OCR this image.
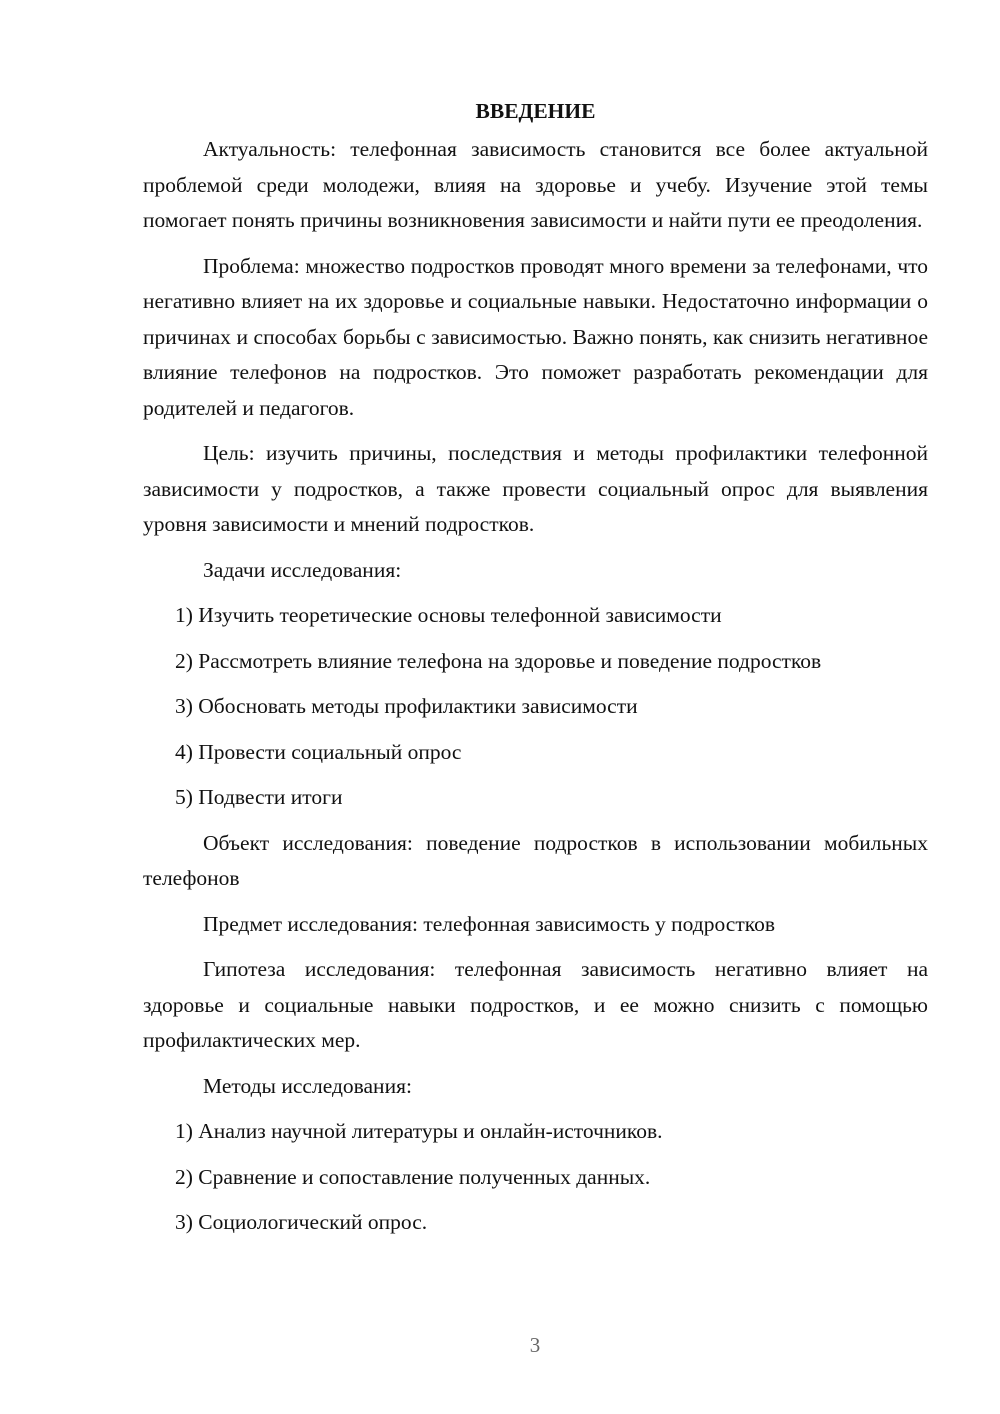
ВВЕДЕНИЕ

Актуальность: телефонная зависимость становится все более актуальной проблемой среди молодежи, влияя на здоровье и учебу. Изучение этой темы помогает понять причины возникновения зависимости и найти пути ее преодоления.

Проблема: множество подростков проводят много времени за телефонами, что негативно влияет на их здоровье и социальные навыки. Недостаточно информации о причинах и способах борьбы с зависимостью. Важно понять, как снизить негативное влияние телефонов на подростков. Это поможет разработать рекомендации для родителей и педагогов.

Цель: изучить причины, последствия и методы профилактики телефонной зависимости у подростков, а также провести социальный опрос для выявления уровня зависимости и мнений подростков.

Задачи исследования:
1) Изучить теоретические основы телефонной зависимости
2) Рассмотреть влияние телефона на здоровье и поведение подростков
3) Обосновать методы профилактики зависимости
4) Провести социальный опрос
5) Подвести итоги

Объект исследования: поведение подростков в использовании мобильных телефонов

Предмет исследования: телефонная зависимость у подростков

Гипотеза исследования: телефонная зависимость негативно влияет на здоровье и социальные навыки подростков, и ее можно снизить с помощью профилактических мер.

Методы исследования:
1) Анализ научной литературы и онлайн-источников.
2) Сравнение и сопоставление полученных данных.
3) Социологический опрос.
3
